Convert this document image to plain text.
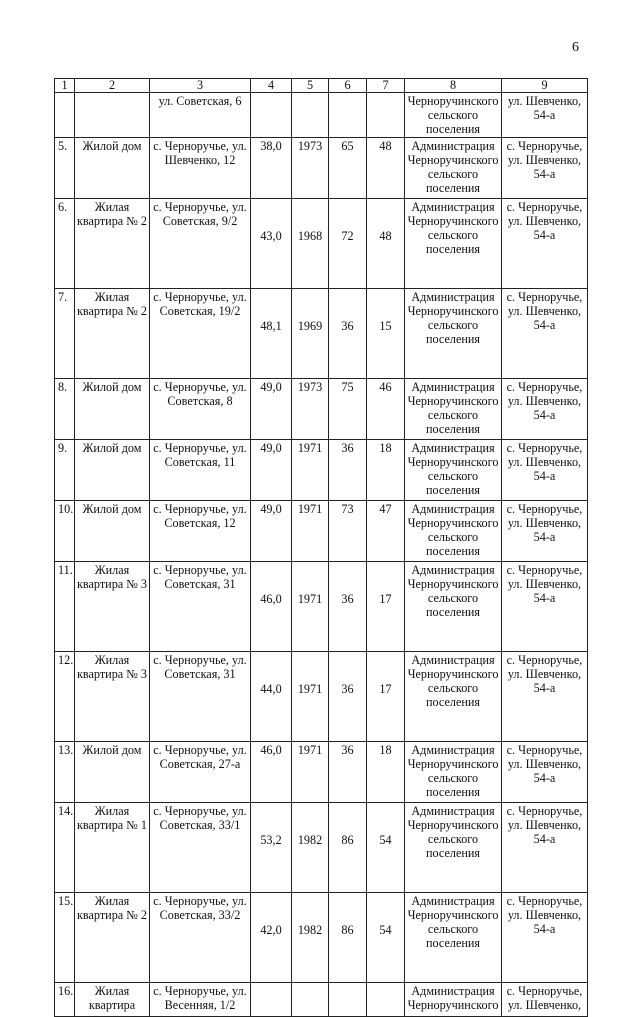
6
1	2	3	4	5	6	7	8	9
		ул. Советская, 6					Черноручинского сельского поселения	ул. Шевченко, 54-а
5.	Жилой дом	с. Черноручье, ул. Шевченко, 12	38,0	1973	65	48	Администрация Черноручинского сельского поселения	с. Черноручье, ул. Шевченко, 54-а
6.	Жилая квартира № 2	с. Черноручье, ул. Советская, 9/2	43,0	1968	72	48	Администрация Черноручинского сельского поселения	с. Черноручье, ул. Шевченко, 54-а
7.	Жилая квартира № 2	с. Черноручье, ул. Советская, 19/2	48,1	1969	36	15	Администрация Черноручинского сельского поселения	с. Черноручье, ул. Шевченко, 54-а
8.	Жилой дом	с. Черноручье, ул. Советская, 8	49,0	1973	75	46	Администрация Черноручинского сельского поселения	с. Черноручье, ул. Шевченко, 54-а
9.	Жилой дом	с. Черноручье, ул. Советская, 11	49,0	1971	36	18	Администрация Черноручинского сельского поселения	с. Черноручье, ул. Шевченко, 54-а
10.	Жилой дом	с. Черноручье, ул. Советская, 12	49,0	1971	73	47	Администрация Черноручинского сельского поселения	с. Черноручье, ул. Шевченко, 54-а
11.	Жилая квартира № 3	с. Черноручье, ул. Советская, 31	46,0	1971	36	17	Администрация Черноручинского сельского поселения	с. Черноручье, ул. Шевченко, 54-а
12.	Жилая квартира № 3	с. Черноручье, ул. Советская, 31	44,0	1971	36	17	Администрация Черноручинского сельского поселения	с. Черноручье, ул. Шевченко, 54-а
13.	Жилой дом	с. Черноручье, ул. Советская, 27-а	46,0	1971	36	18	Администрация Черноручинского сельского поселения	с. Черноручье, ул. Шевченко, 54-а
14.	Жилая квартира № 1	с. Черноручье, ул. Советская, 33/1	53,2	1982	86	54	Администрация Черноручинского сельского поселения	с. Черноручье, ул. Шевченко, 54-а
15.	Жилая квартира № 2	с. Черноручье, ул. Советская, 33/2	42,0	1982	86	54	Администрация Черноручинского сельского поселения	с. Черноручье, ул. Шевченко, 54-а
16.	Жилая квартира	с. Черноручье, ул. Весенняя, 1/2					Администрация Черноручинского	с. Черноручье, ул. Шевченко,
